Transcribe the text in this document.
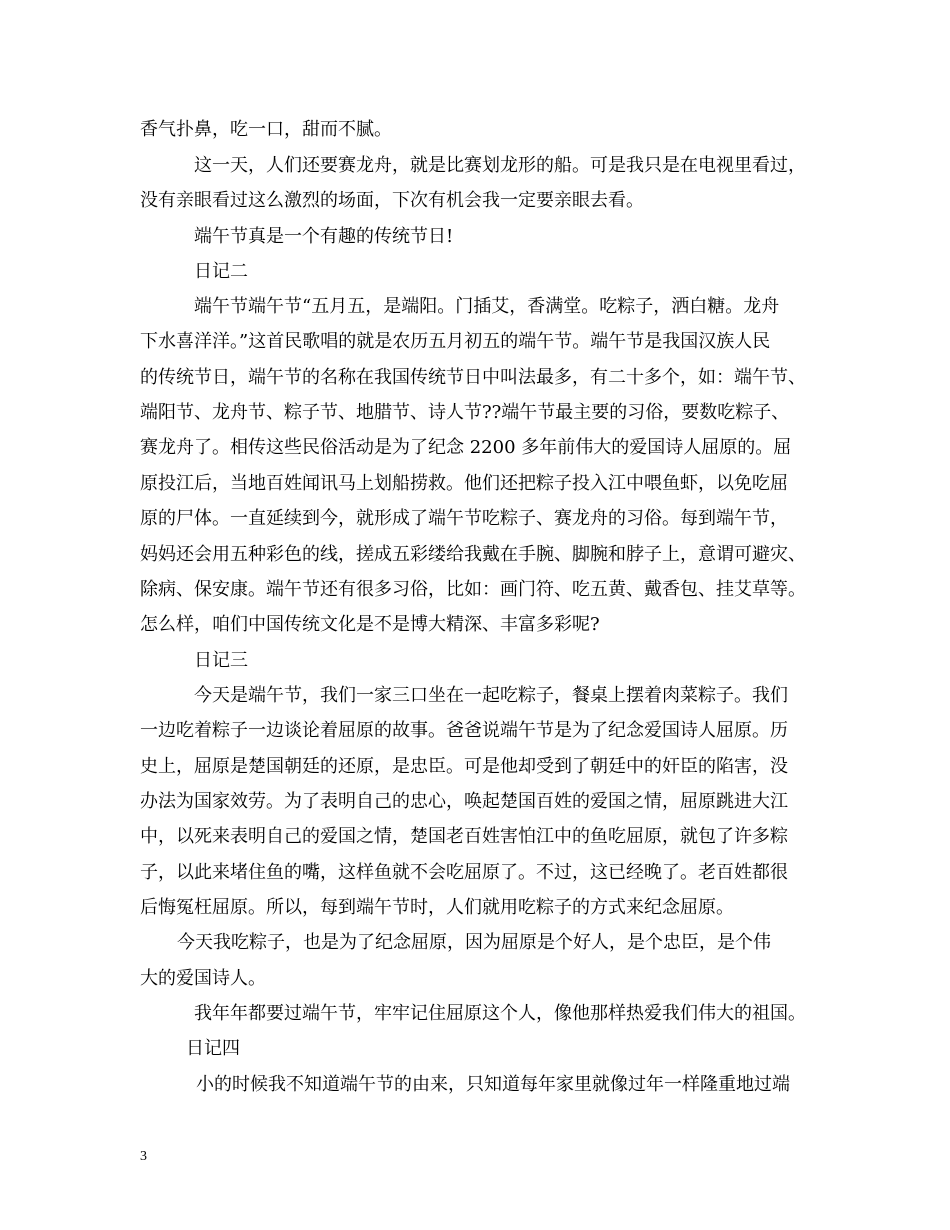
香气扑鼻，吃一口，甜而不腻。
这一天，人们还要赛龙舟，就是比赛划龙形的船。可是我只是在电视里看过，
没有亲眼看过这么激烈的场面，下次有机会我一定要亲眼去看。
端午节真是一个有趣的传统节日!
日记二
端午节端午节“五月五，是端阳。门插艾，香满堂。吃粽子，洒白糖。龙舟
下水喜洋洋。”这首民歌唱的就是农历五月初五的端午节。端午节是我国汉族人民
的传统节日，端午节的名称在我国传统节日中叫法最多，有二十多个，如：端午节、
端阳节、龙舟节、粽子节、地腊节、诗人节??端午节最主要的习俗，要数吃粽子、
赛龙舟了。相传这些民俗活动是为了纪念 2200 多年前伟大的爱国诗人屈原的。屈
原投江后，当地百姓闻讯马上划船捞救。他们还把粽子投入江中喂鱼虾，以免吃屈
原的尸体。一直延续到今，就形成了端午节吃粽子、赛龙舟的习俗。每到端午节，
妈妈还会用五种彩色的线，搓成五彩缕给我戴在手腕、脚腕和脖子上，意谓可避灾、
除病、保安康。端午节还有很多习俗，比如：画门符、吃五黄、戴香包、挂艾草等。
怎么样，咱们中国传统文化是不是博大精深、丰富多彩呢?
日记三
今天是端午节，我们一家三口坐在一起吃粽子，餐桌上摆着肉菜粽子。我们
一边吃着粽子一边谈论着屈原的故事。爸爸说端午节是为了纪念爱国诗人屈原。历
史上，屈原是楚国朝廷的还原，是忠臣。可是他却受到了朝廷中的奸臣的陷害，没
办法为国家效劳。为了表明自己的忠心，唤起楚国百姓的爱国之情，屈原跳进大江
中，以死来表明自己的爱国之情，楚国老百姓害怕江中的鱼吃屈原，就包了许多粽
子，以此来堵住鱼的嘴，这样鱼就不会吃屈原了。不过，这已经晚了。老百姓都很
后悔冤枉屈原。所以，每到端午节时，人们就用吃粽子的方式来纪念屈原。
今天我吃粽子，也是为了纪念屈原，因为屈原是个好人，是个忠臣，是个伟
大的爱国诗人。
我年年都要过端午节，牢牢记住屈原这个人，像他那样热爱我们伟大的祖国。
日记四
小的时候我不知道端午节的由来，只知道每年家里就像过年一样隆重地过端
3
